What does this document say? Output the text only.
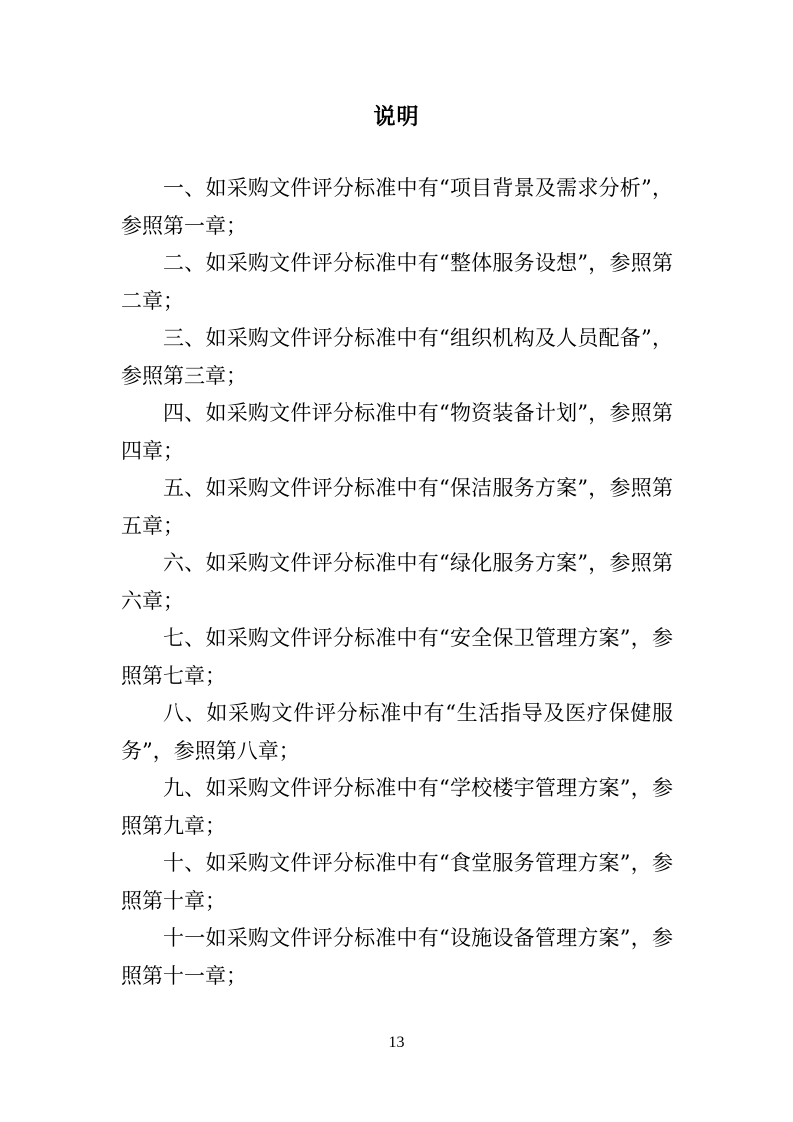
说明

一、如采购文件评分标准中有“项目背景及需求分析”，参照第一章；

二、如采购文件评分标准中有“整体服务设想”，参照第二章；

三、如采购文件评分标准中有“组织机构及人员配备”，参照第三章；

四、如采购文件评分标准中有“物资装备计划”，参照第四章；

五、如采购文件评分标准中有“保洁服务方案”，参照第五章；

六、如采购文件评分标准中有“绿化服务方案”，参照第六章；

七、如采购文件评分标准中有“安全保卫管理方案”，参照第七章；

八、如采购文件评分标准中有“生活指导及医疗保健服务”，参照第八章；

九、如采购文件评分标准中有“学校楼宇管理方案”，参照第九章；

十、如采购文件评分标准中有“食堂服务管理方案”，参照第十章；

十一如采购文件评分标准中有“设施设备管理方案”，参照第十一章；

13
